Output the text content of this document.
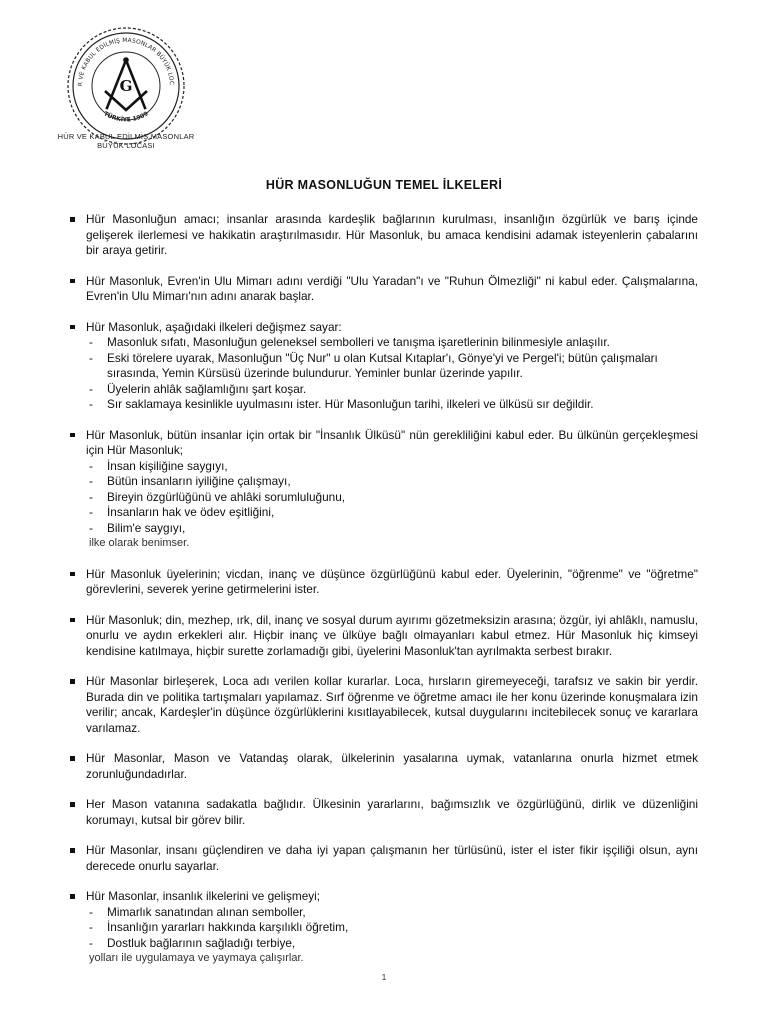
R VE KABUL EDİLMİŞ MASONLAR BÜYÜK LOC
TÜRKİYE 1909
G
HÜR VE KABUL EDİLMİŞ MASONLAR
BÜYÜK LOCASI
HÜR MASONLUĞUN TEMEL İLKELERİ

Hür Masonluğun amacı; insanlar arasında kardeşlik bağlarının kurulması, insanlığın özgürlük ve barış içinde gelişerek ilerlemesi ve hakikatin araştırılmasıdır. Hür Masonluk, bu amaca kendisini adamak isteyenlerin çabalarını bir araya getirir.

Hür Masonluk, Evren'in Ulu Mimarı adını verdiği "Ulu Yaradan"ı ve "Ruhun Ölmezliği" ni kabul eder. Çalışmalarına, Evren'in Ulu Mimarı'nın adını anarak başlar.

Hür Masonluk, aşağıdaki ilkeleri değişmez sayar:

- Masonluk sıfatı, Masonluğun geleneksel sembolleri ve tanışma işaretlerinin bilinmesiyle anlaşılır.
- Eski törelere uyarak, Masonluğun "Üç Nur" u olan Kutsal Kıtaplar'ı, Gönye'yi ve Pergel'i; bütün çalışmaları sırasında, Yemin Kürsüsü üzerinde bulundurur. Yeminler bunlar üzerinde yapılır.
- Üyelerin ahlâk sağlamlığını şart koşar.
- Sır saklamaya kesinlikle uyulmasını ister. Hür Masonluğun tarihi, ilkeleri ve ülküsü sır değildir.

Hür Masonluk, bütün insanlar için ortak bir "İnsanlık Ülküsü" nün gerekliliğini kabul eder. Bu ülkünün gerçekleşmesi için Hür Masonluk;

- İnsan kişiliğine saygıyı,
- Bütün insanların iyiliğine çalışmayı,
- Bireyin özgürlüğünü ve ahlâki sorumluluğunu,
- İnsanların hak ve ödev eşitliğini,
- Bilim'e saygıyı,

ilke olarak benimser.

Hür Masonluk üyelerinin; vicdan, inanç ve düşünce özgürlüğünü kabul eder. Üyelerinin, "öğrenme" ve "öğretme" görevlerini, severek yerine getirmelerini ister.

Hür Masonluk; din, mezhep, ırk, dil, inanç ve sosyal durum ayırımı gözetmeksizin arasına; özgür, iyi ahlâklı, namuslu, onurlu ve aydın erkekleri alır. Hiçbir inanç ve ülküye bağlı olmayanları kabul etmez. Hür Masonluk hiç kimseyi kendisine katılmaya, hiçbir surette zorlamadığı gibi, üyelerini Masonluk'tan ayrılmakta serbest bırakır.

Hür Masonlar birleşerek, Loca adı verilen kollar kurarlar. Loca, hırsların giremeyeceği, tarafsız ve sakin bir yerdir. Burada din ve politika tartışmaları yapılamaz. Sırf öğrenme ve öğretme amacı ile her konu üzerinde konuşmalara izin verilir; ancak, Kardeşler'in düşünce özgürlüklerini kısıtlayabilecek, kutsal duygularını incitebilecek sonuç ve kararlara varılamaz.

Hür Masonlar, Mason ve Vatandaş olarak, ülkelerinin yasalarına uymak, vatanlarına onurla hizmet etmek zorunluğundadırlar.

Her Mason vatanına sadakatla bağlıdır. Ülkesinin yararlarını, bağımsızlık ve özgürlüğünü, dirlik ve düzenliğini korumayı, kutsal bir görev bilir.

Hür Masonlar, insanı güçlendiren ve daha iyi yapan çalışmanın her türlüsünü, ister el ister fikir işçiliği olsun, aynı derecede onurlu sayarlar.

Hür Masonlar, insanlık ilkelerini ve gelişmeyi;

- Mimarlık sanatından alınan semboller,
- İnsanlığın yararları hakkında karşılıklı öğretim,
- Dostluk bağlarının sağladığı terbiye,

yolları ile uygulamaya ve yaymaya çalışırlar.

1
